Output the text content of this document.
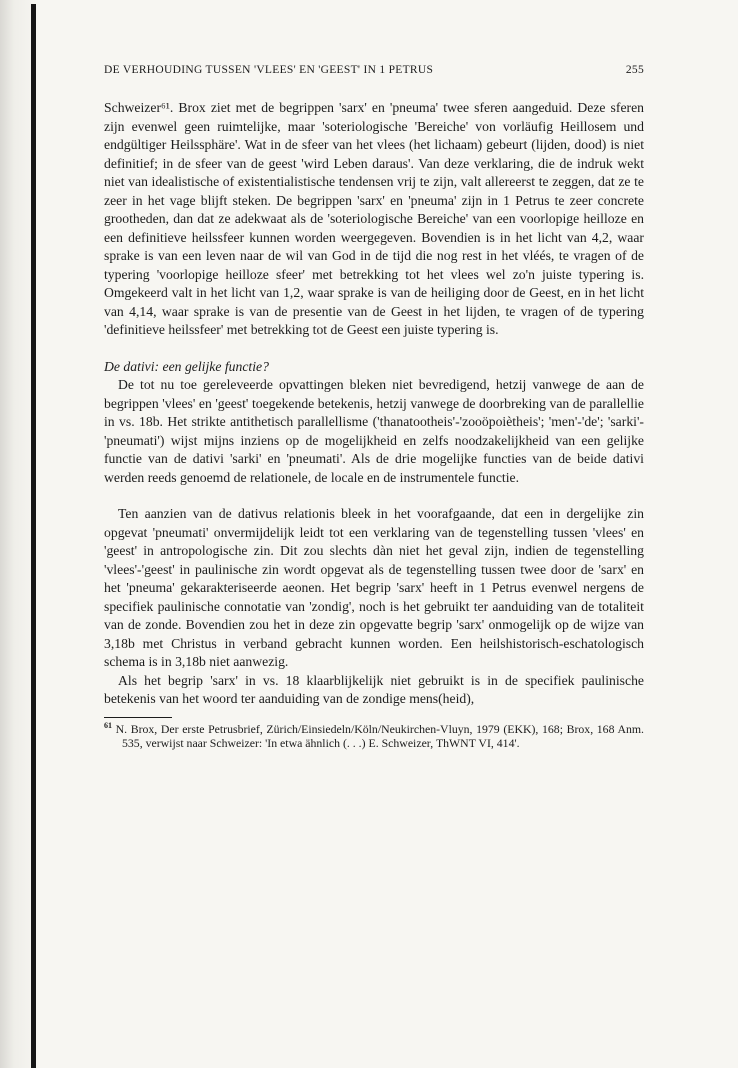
DE VERHOUDING TUSSEN 'VLEES' EN 'GEEST' IN 1 PETRUS	255

Schweizer⁶¹. Brox ziet met de begrippen 'sarx' en 'pneuma' twee sferen aangeduid. Deze sferen zijn evenwel geen ruimtelijke, maar 'soteriologische 'Bereiche' von vorläufig Heillosem und endgültiger Heilssphäre'. Wat in de sfeer van het vlees (het lichaam) gebeurt (lijden, dood) is niet definitief; in de sfeer van de geest 'wird Leben daraus'. Van deze verklaring, die de indruk wekt niet van idealistische of existentialistische tendensen vrij te zijn, valt allereerst te zeggen, dat ze te zeer in het vage blijft steken. De begrippen 'sarx' en 'pneuma' zijn in 1 Petrus te zeer concrete grootheden, dan dat ze adekwaat als de 'soteriologische Bereiche' van een voorlopige heilloze en een definitieve heilssfeer kunnen worden weergegeven. Bovendien is in het licht van 4,2, waar sprake is van een leven naar de wil van God in de tijd die nog rest in het vléés, te vragen of de typering 'voorlopige heilloze sfeer' met betrekking tot het vlees wel zo'n juiste typering is. Omgekeerd valt in het licht van 1,2, waar sprake is van de heiliging door de Geest, en in het licht van 4,14, waar sprake is van de presentie van de Geest in het lijden, te vragen of de typering 'definitieve heilssfeer' met betrekking tot de Geest een juiste typering is.

De dativi: een gelijke functie?

De tot nu toe gereleveerde opvattingen bleken niet bevredigend, hetzij vanwege de aan de begrippen 'vlees' en 'geest' toegekende betekenis, hetzij vanwege de doorbreking van de parallellie in vs. 18b. Het strikte antithetisch parallellisme ('thanatootheis'-'zooöpoiètheis'; 'men'-'de'; 'sarki'-'pneumati') wijst mijns inziens op de mogelijkheid en zelfs noodzakelijkheid van een gelijke functie van de dativi 'sarki' en 'pneumati'. Als de drie mogelijke functies van de beide dativi werden reeds genoemd de relationele, de locale en de instrumentele functie.

Ten aanzien van de dativus relationis bleek in het voorafgaande, dat een in dergelijke zin opgevat 'pneumati' onvermijdelijk leidt tot een verklaring van de tegenstelling tussen 'vlees' en 'geest' in antropologische zin. Dit zou slechts dàn niet het geval zijn, indien de tegenstelling 'vlees'-'geest' in paulinische zin wordt opgevat als de tegenstelling tussen twee door de 'sarx' en het 'pneuma' gekarakteriseerde aeonen. Het begrip 'sarx' heeft in 1 Petrus evenwel nergens de specifiek paulinische connotatie van 'zondig', noch is het gebruikt ter aanduiding van de totaliteit van de zonde. Bovendien zou het in deze zin opgevatte begrip 'sarx' onmogelijk op de wijze van 3,18b met Christus in verband gebracht kunnen worden. Een heilshistorisch-eschatologisch schema is in 3,18b niet aanwezig.

Als het begrip 'sarx' in vs. 18 klaarblijkelijk niet gebruikt is in de specifiek paulinische betekenis van het woord ter aanduiding van de zondige mens(heid),

$^{61}$ N. Brox, Der erste Petrusbrief, Zürich/Einsiedeln/Köln/Neukirchen-Vluyn, 1979 (EKK), 168; Brox, 168 Anm. 535, verwijst naar Schweizer: 'In etwa ähnlich (. . .) E. Schweizer, ThWNT VI, 414'.
